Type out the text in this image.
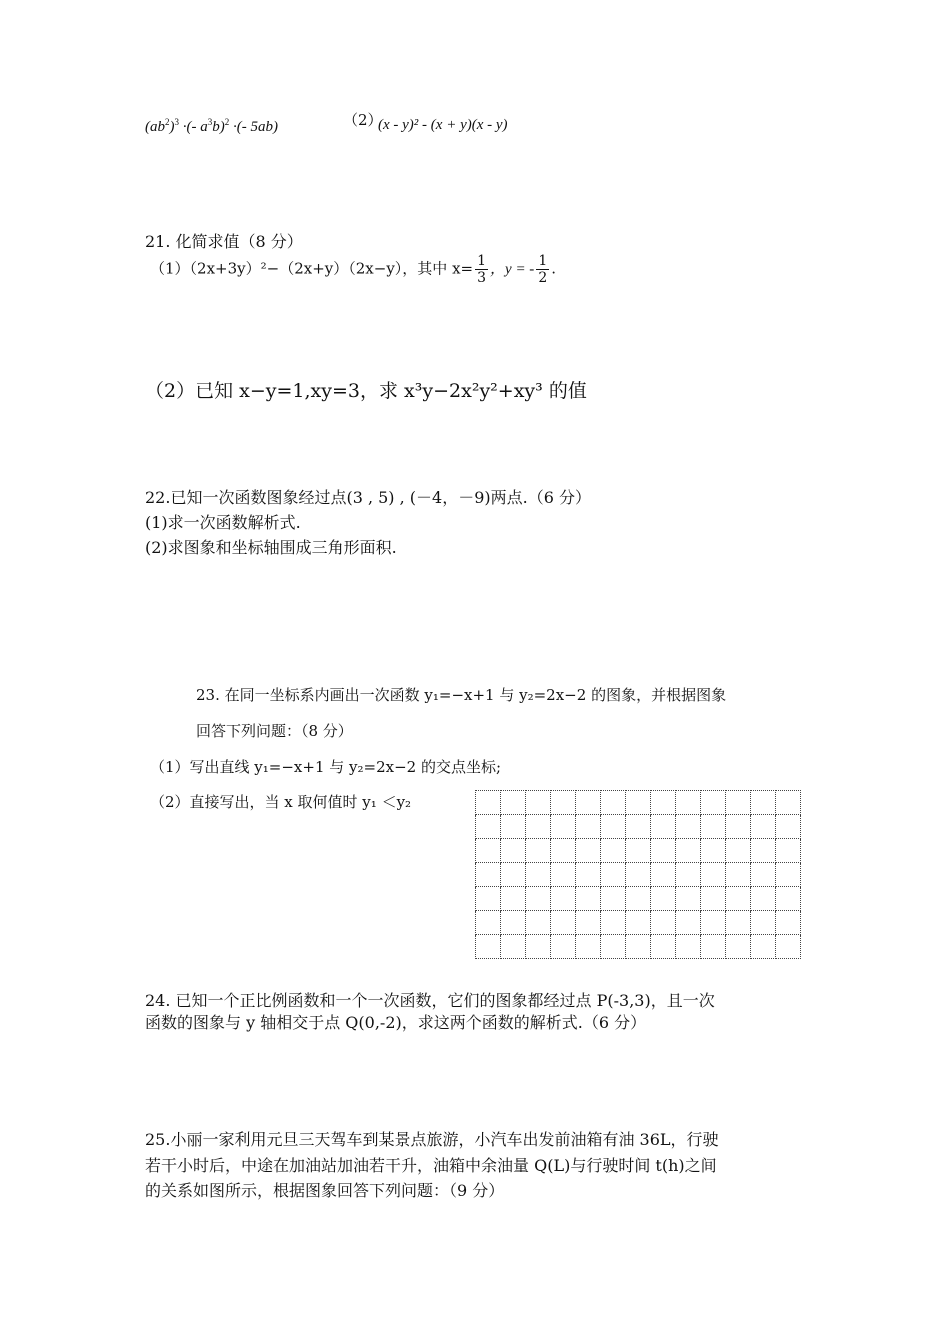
$(ab^2)^3$ ·(- $a^3b)^2$ ·(- 5ab)	（2）
(x - y)² - (x + y)(x - y)
21. 化简求值（8 分）
（1）（2x+3y）²−（2x+y）（2x−y），其中 $x= \frac{1}{3}$ ，y = - $\frac{1}{2}$ .
（2）已知 x−y=1,xy=3，求 x³y−2x²y²+xy³ 的值
22.已知一次函数图象经过点(3 , 5) , (－4，－9)两点.（6 分）
(1)求一次函数解析式.
(2)求图象和坐标轴围成三角形面积.
23. 在同一坐标系内画出一次函数 y₁=−x+1 与 y₂=2x−2 的图象，并根据图象
回答下列问题：（8 分）
（1）写出直线 y₁=−x+1 与 y₂=2x−2 的交点坐标;
（2）直接写出，当 x 取何值时 y₁ ＜y₂

24. 已知一个正比例函数和一个一次函数，它们的图象都经过点 P(-3,3)，且一次
函数的图象与 y 轴相交于点 Q(0,-2)，求这两个函数的解析式.（6 分）
25.小丽一家利用元旦三天驾车到某景点旅游，小汽车出发前油箱有油 36L，行驶
若干小时后，中途在加油站加油若干升，油箱中余油量 Q(L)与行驶时间 t(h)之间
的关系如图所示，根据图象回答下列问题：（9 分）
